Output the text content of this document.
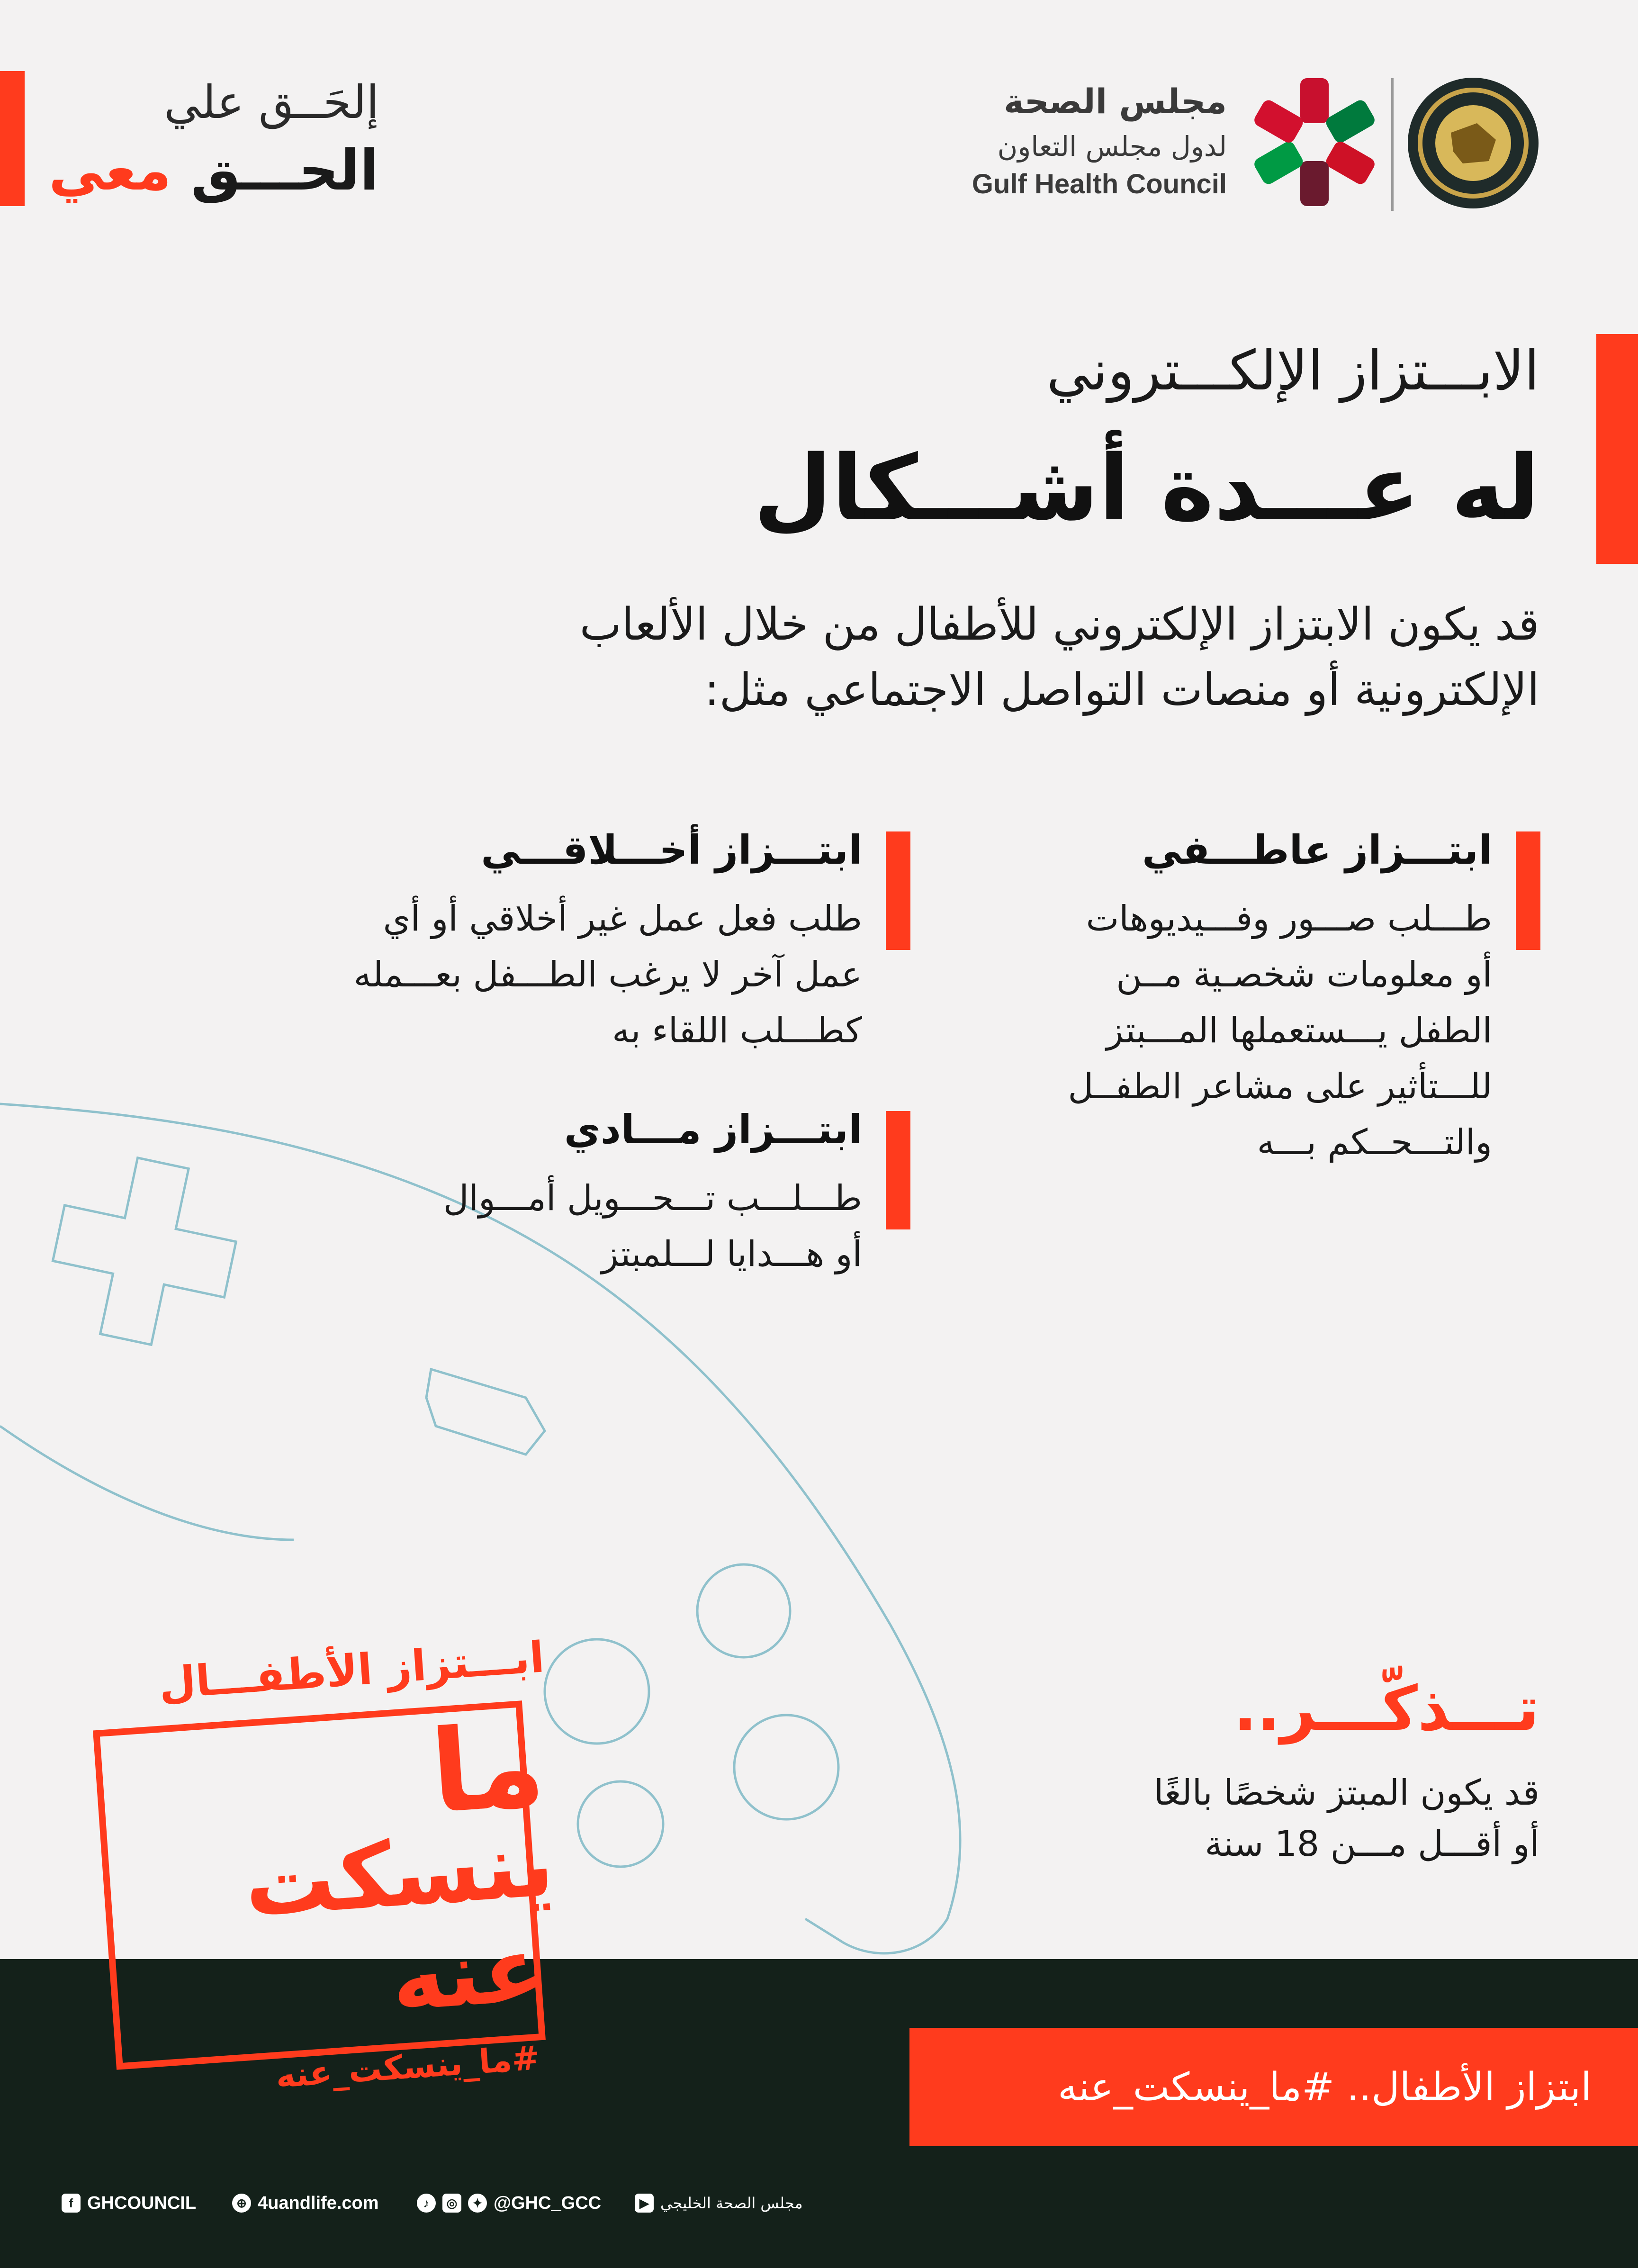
إلحَــق علي
الحـــق معي
مجلس الصحة
لدول مجلس التعاون
Gulf Health Council
الابـــتزاز الإلكـــتروني
له عـــدة أشـــكال
قد يكون الابتزاز الإلكتروني للأطفال من خلال الألعاب
الإلكترونية أو منصات التواصل الاجتماعي مثل:
ابتـــزاز عاطـــفي
طـــلب صـــور وفـــيديوهات
أو معلومات شخصـية مــن
الطفل يـــستعملها المـــبتز
للـــتأثير على مشاعر الطفــل
والتـــحــكم بـــه
ابتـــزاز أخـــلاقـــي
طلب فعل عمل غير أخلاقي أو أي
عمل آخر لا يرغب الطـــفل بعـــمله
كطـــلب اللقاء به
ابتـــزاز مـــادي
طـــلـــب تـــحـــويل أمـــوال
أو هـــدايا لـــلمبتز
تـــذكّـــر..
قد يكون المبتز شخصًا بالغًا
أو أقـــل مـــن 18 سنة
ابـــتزاز الأطفـــال
ما
ينسكت
عنه
#ما_ينسكت_عنه	ابتزاز الأطفال.. #ما_ينسكت_عنه
f GHCOUNCIL	⊕ 4uandlife.com	♪	◎	✦ @GHC_GCC	▶ مجلس الصحة الخليجي
